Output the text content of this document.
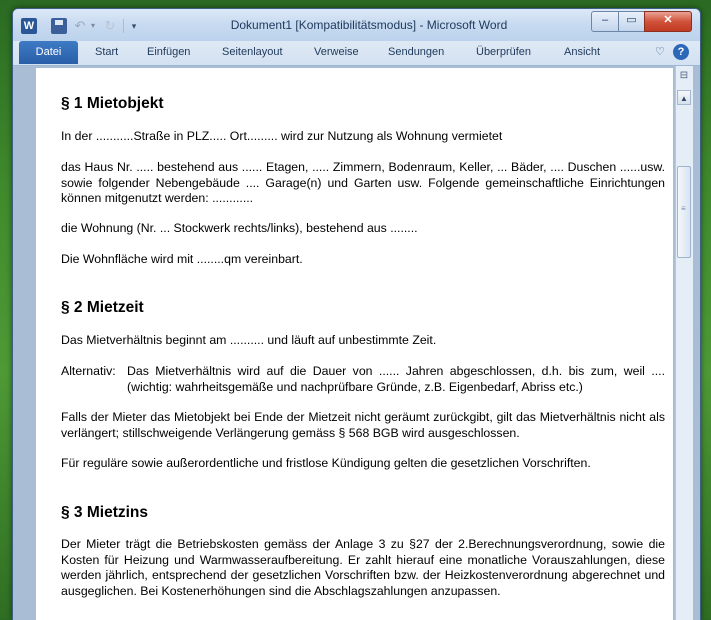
W	↶ ▾ ↻	▾	Dokument1 [Kompatibilitätsmodus] - Microsoft Word	–	▭	✕
Datei	Start	Einfügen	Seitenlayout	Verweise	Sendungen	Überprüfen	Ansicht	♡	?
§ 1 Mietobjekt
In der ...........Straße in PLZ..... Ort......... wird zur Nutzung als Wohnung vermietet
das Haus Nr. ..... bestehend aus ...... Etagen, ..... Zimmern, Bodenraum, Keller, ... Bäder, .... Duschen ......usw. sowie folgender Nebengebäude .... Garage(n) und Garten usw. Folgende gemeinschaftliche Einrichtungen können mitgenutzt werden: ............
die Wohnung (Nr. ... Stockwerk rechts/links), bestehend aus ........
Die Wohnfläche wird mit ........qm vereinbart.
§ 2 Mietzeit
Das Mietverhältnis beginnt am .......... und läuft auf unbestimmte Zeit.
Alternativ: Das Mietverhältnis wird auf die Dauer von ...... Jahren abgeschlossen, d.h. bis zum, weil .... (wichtig: wahrheitsgemäße und nachprüfbare Gründe, z.B. Eigenbedarf, Abriss etc.)
Falls der Mieter das Mietobjekt bei Ende der Mietzeit nicht geräumt zurückgibt, gilt das Mietverhältnis nicht als verlängert; stillschweigende Verlängerung gemäss § 568 BGB wird ausgeschlossen.
Für reguläre sowie außerordentliche und fristlose Kündigung gelten die gesetzlichen Vorschriften.
§ 3 Mietzins
Der Mieter trägt die Betriebskosten gemäss der Anlage 3 zu §27 der 2.Berechnungsverordnung, sowie die Kosten für Heizung und Warmwasseraufbereitung. Er zahlt hierauf eine monatliche Vorauszahlungen, diese werden jährlich, entsprechend der gesetzlichen Vorschriften bzw. der Heizkostenverordnung abgerechnet und ausgeglichen. Bei Kostenerhöhungen sind die Abschlagszahlungen anzupassen.
⊟
▲
≡
